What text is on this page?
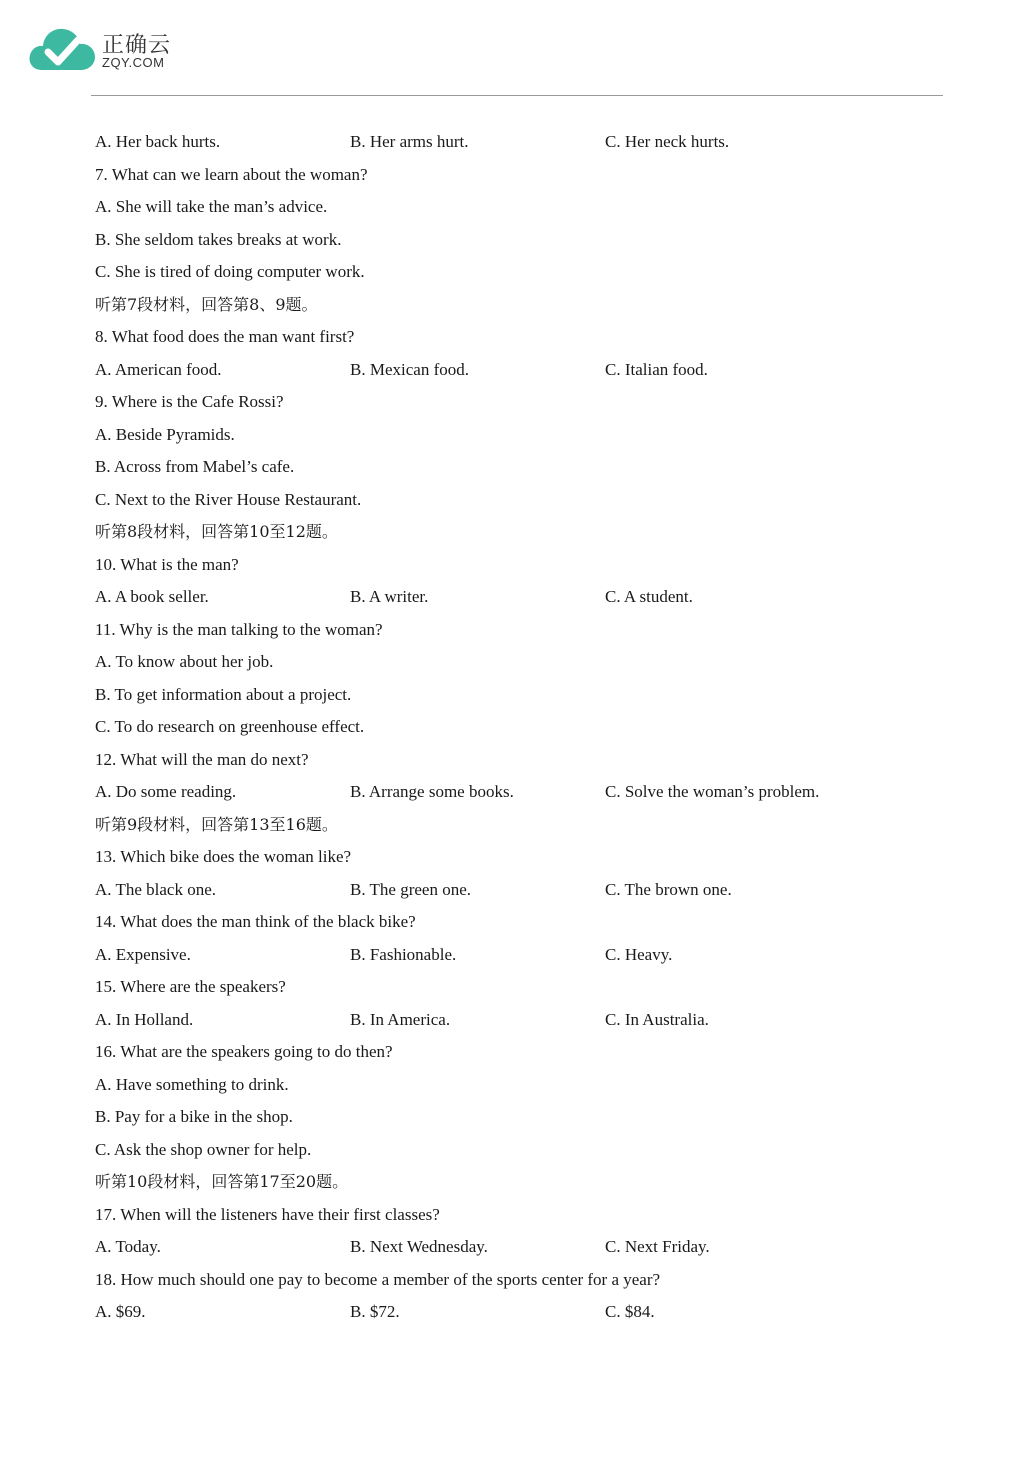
正确云
ZQY.COM
A. Her back hurts.	B. Her arms hurt.	C. Her neck hurts.
7. What can we learn about the woman?
A. She will take the man’s advice.
B. She seldom takes breaks at work.
C. She is tired of doing computer work.
听第7段材料，回答第8、9题。
8. What food does the man want first?
A. American food.	B. Mexican food.	C. Italian food.
9. Where is the Cafe Rossi?
A. Beside Pyramids.
B. Across from Mabel’s cafe.
C. Next to the River House Restaurant.
听第8段材料，回答第10至12题。
10. What is the man?
A. A book seller.	B. A writer.	C. A student.
11. Why is the man talking to the woman?
A. To know about her job.
B. To get information about a project.
C. To do research on greenhouse effect.
12. What will the man do next?
A. Do some reading.	B. Arrange some books.	C. Solve the woman’s problem.
听第9段材料，回答第13至16题。
13. Which bike does the woman like?
A. The black one.	B. The green one.	C. The brown one.
14. What does the man think of the black bike?
A. Expensive.	B. Fashionable.	C. Heavy.
15. Where are the speakers?
A. In Holland.	B. In America.	C. In Australia.
16. What are the speakers going to do then?
A. Have something to drink.
B. Pay for a bike in the shop.
C. Ask the shop owner for help.
听第10段材料，回答第17至20题。
17. When will the listeners have their first classes?
A. Today.	B. Next Wednesday.	C. Next Friday.
18. How much should one pay to become a member of the sports center for a year?
A. $69.	B. $72.	C. $84.
